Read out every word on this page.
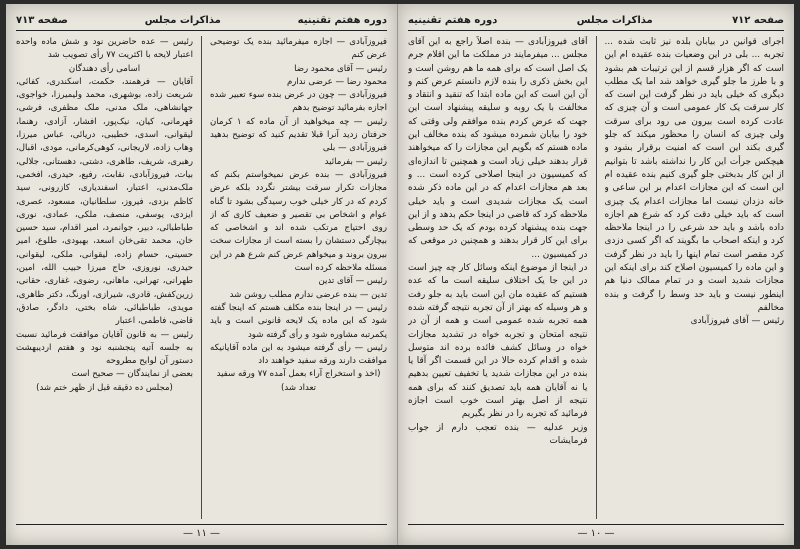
دوره هفتم تقنینیه
مذاکرات مجلس
صفحه ۷۱۳

فیروزآبادی — اجازه میفرمائید بنده یک توضیحی عرض کنم

رئیس — آقای محمود رضا

محمود رضا — عرضی ندارم

فیروزآبادی — چون در عرض بنده سوء تعبیر شده اجازه بفرمائید توضیح بدهم

رئیس — چه میخواهید از آن ماده که ۱ کرمان حرفتان زدید آنرا قبلا تقدیم کنید که توضیح بدهید فیروزآبادی — بلی

رئیس — بفرمائید

فیروزآبادی — بنده عرض نمیخواستم بکنم که مجازات تکرار سرقت بیشتر نگردد بلکه عرض کردم که در کار خیلی خوب رسیدگی بشود تا گناه عوام و اشخاص بی تقصیر و ضعیف کاری که از روی احتیاج مرتکب شده اند و اشخاصی که بیچارگی دستشان را بسته است از مجازات سخت بیرون بروند و میخواهم عرض کنم شرع هم در این مسئله ملاحظه کرده است

رئیس — آقای تدین

تدین — بنده عرضی ندارم مطلب روشن شد

رئیس — در اینجا بنده مکلف هستم که اینجا گفته شود که این ماده یک لایحه قانونی است و باید یکمرتبه مشاوره شود و رأی گرفته شود

رئیس — رأی گرفته میشود به این ماده آقایانیکه موافقت دارند ورقه سفید خواهند داد

(اخذ و استخراج آراء بعمل آمده ۷۷ ورقه سفید تعداد شد)

رئیس — عده حاضرین نود و شش ماده واحده اعتبار لایحه با اکثریت ۷۷ رأی تصویب شد

اسامی رأی دهندگان

آقایان — فرهمند، حکمت، اسکندری، کفائی، شریعت زاده، بوشهری، محمد ولیمیرزا، خواجوی، جهانشاهی، ملک مدنی، ملک مظفری، فرشی، قهرمانی، کیان، نیک‌پور، افشار، آزادی، رهنما، لیقوانی، اسدی، خطیبی، دریائی، عباس میرزا، وهاب زاده، لاریجانی، کوهی‌کرمانی، مودی، اقبال، رهبری، شریف، طاهری، دشتی، دهستانی، جلالی، بیات، فیروزآبادی، نقابت، رفیع، حیدری، افخمی، ملک‌مدنی، اعتبار، اسفندیاری، کازرونی، سید کاظم بزدی، فیروز، سلطانیان، مسعود، عصری، ایزدی، یوسفی، منصف، ملکی، عمادی، نوری، طباطبائی، دبیر، جوانمرد، امیر اقدام، سید حسین خان، محمد تقی‌خان اسعد، بهبودی، طلوع، امیر حسینی، حسام زاده، لیقوانی، ملکی، لیقوانی، حیدری، نوروزی، حاج میرزا حبیب الله، امین، طهرانی، تهرانی، ماهانی، رضوی، غفاری، حقانی، زرین‌کفش، قادری، شیرازی، اورنگ، دکتر طاهری، مویدی، طباطبائی، شاه بختی، دادگر، صادق، قاضی، فاطمی، اعتبار

رئیس — به قانون آقایان موافقت فرمائید نسبت به جلسه آتیه پنجشنبه نود و هفتم اردیبهشت دستور آن لوایح مطروحه

بعضی از نمایندگان — صحیح است

(مجلس ده دقیقه قبل از ظهر ختم شد)

— ۱۱ —
صفحه ۷۱۲
مذاکرات مجلس
دوره هفتم تقنینیه

اجرای قوانین در بیابان بلده نیز ثابت شده ... تجربه ... بلی در این وضعیات بنده عقیده ام این است که اگر هزار قسم از این ترتیبات هم بشود و با طرز ما جلو گیری خواهد شد اما یک مطلب دیگری که خیلی باید در نظر گرفت این است که کار سرقت یک کار عمومی است و آن چیزی که عادت کرده است بیرون می رود برای سرقت ولی چیزی که انسان را محظور میکند که جلو گیری بکند این است که امنیت برقرار بشود و هیچکس جرأت این کار را نداشته باشد تا بتوانیم از این کار بدبختی جلو گیری کنیم بنده عقیده ام این است که این مجازات اعدام بر این ساعی و خانه دزدان نیست اما مجازات اعدام یک چیزی است که باید خیلی دقت کرد که شرع هم اجازه داده باشد و باید حد شرعی را در اینجا ملاحظه کرد و اینکه اصحاب ما بگویند که اگر کسی دزدی کرد مقصر است تمام اینها را باید در نظر گرفت و این ماده را کمیسیون اصلاح کند برای اینکه این مجازات شدید است و در تمام ممالک دنیا هم اینطور نیست و باید حد وسط را گرفت و بنده مخالفم

رئیس — آقای فیروزآبادی

آقای فیروزآبادی — بنده اصلاً راجع به این آقای مجلس ... میفرمایند در مملکت ما این اقلام جرم یک اصل است که برای همه ما هم روشن است و این بخش ذکری را بنده لازم دانستم عرض کنم و آن این است که این ماده ابتدا که تنقید و انتقاد و مخالفت با یک روبه و سلیقه پیشنهاد است این جهت که عرض کردم بنده موافقم ولی وقتی که خود را بیابان شمرده میشود که بنده مخالف این ماده هستم که بگویم این مجازات را که میخواهند قرار بدهند خیلی زیاد است و همچنین تا اندازه‌ای که کمیسیون در اینجا اصلاحی کرده است ... و بعد هم مجازات اعدام که در این ماده ذکر شده است یک مجازات شدیدی است و باید خیلی ملاحظه کرد که قاضی در اینجا حکم بدهد و از این جهت بنده پیشنهاد کرده بودم که یک حد وسطی برای این کار قرار بدهند و همچنین در موقعی که در کمیسیون ...

در اینجا از موضوع اینکه وسائل کار چه چیز است در این جا یک اختلاف سلیقه است ما که عده هستیم که عقیده مان این است باید به جلو رفت و هر وسیله که بهتر از آن تجربه نتیجه گرفته شده همه تجربه شده عمومی است و همه از آن در نتیجه امتحان و تجربه خواه در تشدید مجازات خواه در وسائل کشف فائده برده اند متوسل شده و اقدام کرده حالا در این قسمت اگر آقا یا بنده در این مجازات شدید یا تخفیف تعیین بدهیم یا نه آقایان همه باید تصدیق کنند که برای همه نتیجه از اصل بهتر است خوب است اجازه فرمائید که تجربه را در نظر بگیریم

وزیر عدلیه — بنده تعجب دارم از جواب فرمایشات

— ۱۰ —
